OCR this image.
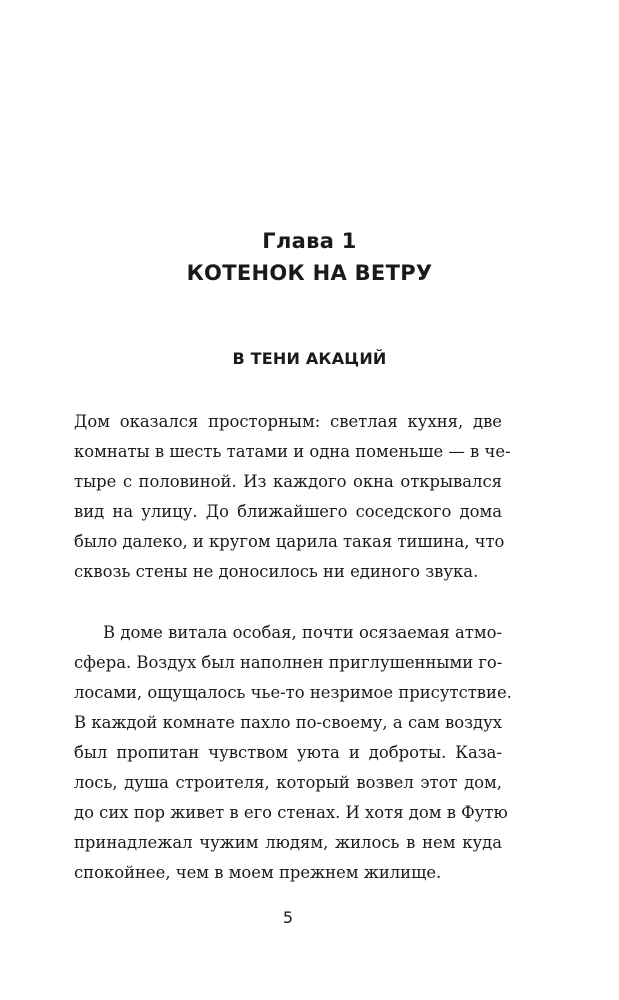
Глава 1
КОТЕНОК НА ВЕТРУ
В ТЕНИ АКАЦИЙ
Дом оказался просторным: светлая кухня, две
комнаты в шесть татами и одна поменьше — в че-
тыре с половиной. Из каждого окна открывался
вид на улицу. До ближайшего соседского дома
было далеко, и кругом царила такая тишина, что
сквозь стены не доносилось ни единого звука.
В доме витала особая, почти осязаемая атмо-
сфера. Воздух был наполнен приглушенными го-
лосами, ощущалось чье-то незримое присутствие.
В каждой комнате пахло по-своему, а сам воздух
был пропитан чувством уюта и доброты. Каза-
лось, душа строителя, который возвел этот дом,
до сих пор живет в его стенах. И хотя дом в Футю
принадлежал чужим людям, жилось в нем куда
спокойнее, чем в моем прежнем жилище.
5
